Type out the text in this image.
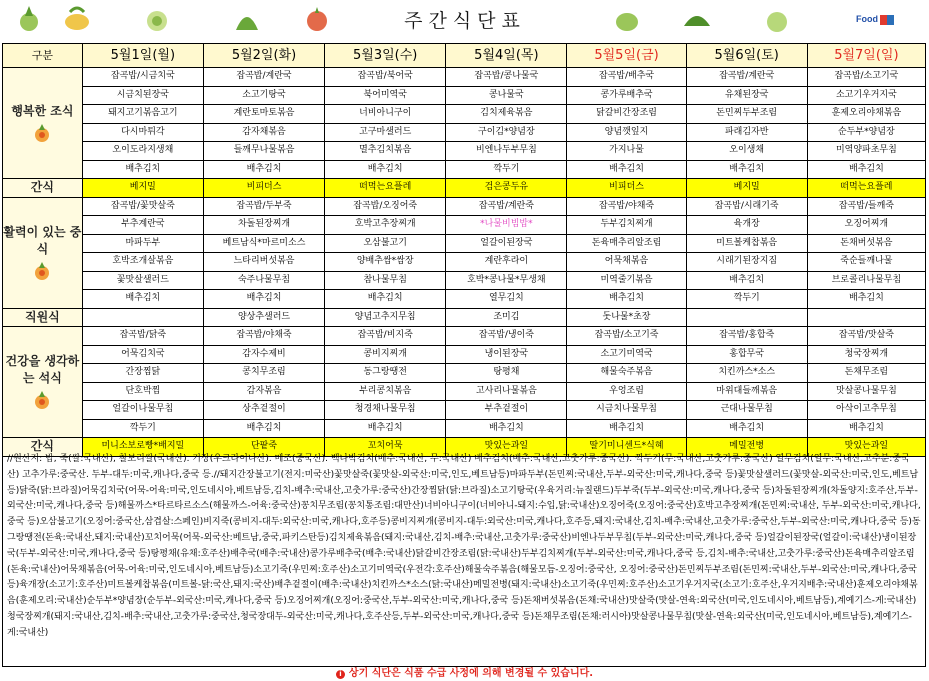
주간식단표	Food
구분	5월1일(월)	5월2일(화)	5월3일(수)	5월4일(목)	5월5일(금)	5월6일(토)	5월7일(일)
행복한 조식	잡곡밥/시금치국	잡곡밥/계란국	잡곡밥/북어국	잡곡밥/콩나물국	잡곡밥/배추국	잡곡밥/계란국	잡곡밥/소고기국
	시금치된장국	소고기탕국	북어미역국	콩나물국	콩가루배추국	유채된장국	소고기우거지국
	돼지고기볶음고기	계란토마토볶음	너비아니구이	김치제육볶음	닭갈비간장조림	돈민찌두부조림	훈제오리야채볶음
	다시마튀각	감자채볶음	고구마샐러드	구이김*양념장	양념깻잎지	파래김자반	순두부*양념장
	오이도라지생채	들깨무나물볶음	멸추김치볶음	비엔나두부무침	가지나물	오이생채	미역양파초무침
	배추김치	배추김치	배추김치	깍두기	배추김치	배추김치	배추김치
간식	베지밀	비피더스	떠먹는요플레	검은콩두유	비피더스	베지밀	떠먹는요플레
활력이 있는 중식	잡곡밥/꽃맛살죽	잡곡밥/두부죽	잡곡밥/오징어죽	잡곡밥/계란죽	잡곡밥/야채죽	잡곡밥/시래기죽	잡곡밥/들깨죽
	부추계란국	차돌된장찌개	호박고추장찌개	*나물비빔밥*	두부김치찌개	육개장	오징어찌개
	마파두부	베트남식*마르미소스	오삼불고기	얼갈이된장국	돈육매추리알조림	미트볼케찹볶음	돈채버섯볶음
	호박조개살볶음	느타리버섯볶음	양배추쌈*쌈장	계란후라이	어묵채볶음	시래기된장지짐	죽순들깨나물
	꽃맛살샐러드	숙주나물무침	참나물무침	호박*콩나물*무생채	미역줄기볶음	배추김치	브로콜리나물무침
	배추김치	배추김치	배추김치	열무김치	배추김치	깍두기	배추김치
직원식		양상추샐러드	양념고추지무침	조미김	돗나물*초장		
건강을 생각하는 석식	잡곡밥/닭죽	잡곡밥/야채죽	잡곡밥/비지죽	잡곡밥/냉이죽	잡곡밥/소고기죽	잡곡밥/홍합죽	잡곡밥/맛살죽
	어묵김치국	감자수제비	콩비지찌개	냉이된장국	소고기미역국	홍합무국	청국장찌개
	간장찜닭	콩치무조림	동그랑땡전	탕평채	해물숙주볶음	치킨까스*소스	돈채무조림
	단호박찜	감자볶음	부리콩치볶음	고사리나물볶음	우엉조림	마위대들깨볶음	맛살콩나물무침
	얼갈이나물무침	상추겉절이	청경채나물무침	부추겉절이	시금치나물무침	근대나물무침	아삭이고추무침
	깍두기	배추김치	배추김치	배추김치	배추김치	배추김치	배추김치
간식	미니소보로빵*배지밀	단팥죽	꼬치어묵	맛있는과일	딸기미니센드*식혜	메밀전병	맛있는과일
//원산지: 밥, 죽(쌀:국내산), 찰보리쌀(국내산). 기장(우크라이나산). 메조(중국산). 백나박김치(배추:국내산, 무:국내산) 배추김치(배추:국내산,고춧가루:중국산). 깍두기(무:국내산,고춧가루:중국산) 열무김치(열무:국내산,고추분:중국산) 고추가루:중국산. 두부-대두:미국,캐나다,중국 등.//돼지간장불고기(전지:미국산)꽃맛살죽(꽃맛살-외국산:미국,인도,베트남등)마파두부(돈민찌:국내산,두부-외국산:미국,캐나다,중국 등)꽃맛살샐러드(꽃맛살-외국산:미국,인도,베트남등)닭죽(닭:브라질)어묵김치국(어묵-어육:미국,인도네시아,베트남등,김치-배추:국내산,고춧가루:중국산)간장찜닭(닭:브라질)소고기탕국(우육거리:뉴질랜드)두부죽(두부-외국산:미국,캐나다,중국 등)차돌된장찌개(차돌양지:호주산,두부-외국산:미국,캐나다,중국 등)해물까스*타르타르소스(해물까스-어육:중국산)꽁치무조림(꽁치통조림:대만산)너비아니구이(너비아니-돼지:수입,닭:국내산)오징어죽(오징어:중국산)호박고추장찌개(돈민찌:국내산, 두부-외국산:미국,캐나다,중국 등)오삼불고기(오징어:중국산,삼겹살:스페인)비지죽(콩비지-대두:외국산:미국,캐나다,호주등)콩비지찌개(콩비지-대두:외국산:미국,캐나다,호주등,돼지:국내산,김치-배추:국내산,고춧가루:중국산,두부-외국산:미국,캐나다,중국 등)동그랑땡전(돈육:국내산,돼지:국내산)꼬치어묵(어묵-외국산:베트남,중국,파키스탄등)김치제육볶음(돼지:국내산,김치-배추:국내산,고춧가루:중국산)비엔나두부무침(두부-외국산:미국,캐나다,중국 등)얼갈이된장국(얼갈이:국내산)냉이된장국(두부-외국산:미국,캐나다,중국 등)탕평채(유채:호주산)배추국(배추:국내산)콩가루배추국(배추:국내산)닭갈비간장조림(닭:국내산)두부김치찌개(두부-외국산:미국,캐나다,중국 등,김치-배추:국내산,고춧가루:중국산)돈육매추리알조림(돈육:국내산)어묵채볶음(어묵-어육:미국,인도네시아,베트남등)소고기죽(우민찌:호주산)소고기미역국(우전각:호주산)해물숙주볶음(해물모듬-오징어:중국산, 오징어:중국산)돈민찌두부조림(돈민찌:국내산,두부-외국산:미국,캐나다,중국 등)육개장(소고기:호주산)미트볼케찹볶음(미트볼-닭:국산,돼지:국산)배추겉절이(배추:국내산)치킨까스*소스(닭:국내산)메밀전병(돼지:국내산)소고기죽(우민찌:호주산)소고기우거지국(소고기:호주산,우거지배추:국내산)훈제오리야채볶음(훈제오리:국내산)순두부*양념장(순두부-외국산:미국,캐나다,중국 등)오징어찌개(오징어:중국산,두부-외국산:미국,캐나다,중국 등)돈채버섯볶음(돈채:국내산)맛살죽(맛살-연육:외국산(미국,인도네시아,베트남등),계예기스-게:국내산)청국장찌개(돼지:국내산,김치-배추:국내산,고춧가루:중국산,청국장대두-외국산:미국,캐나다,호주산등,두부-외국산:미국,캐나다,중국 등)돈채무조림(돈채:러시아)맛살콩나물무침(맛살-연육:외국산(미국,인도네시아,베트남등),계예기스-게:국내산)
i 상기 식단은 식품 수급 사정에 의해 변경될 수 있습니다.
